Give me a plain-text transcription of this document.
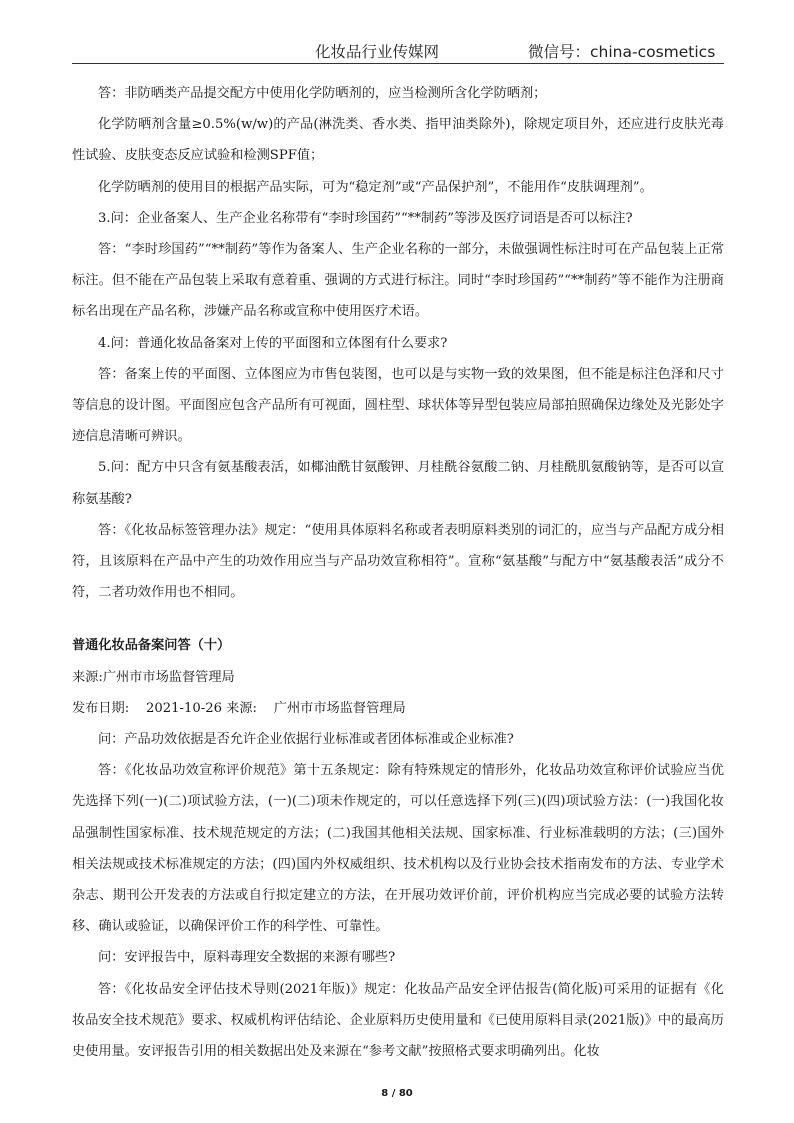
化妆品行业传媒网	微信号：china-cosmetics

答：非防晒类产品提交配方中使用化学防晒剂的，应当检测所含化学防晒剂；

化学防晒剂含量≥0.5%(w/w)的产品(淋洗类、香水类、指甲油类除外)，除规定项目外，还应进行皮肤光毒性试验、皮肤变态反应试验和检测SPF值；

化学防晒剂的使用目的根据产品实际，可为“稳定剂”或“产品保护剂”，不能用作“皮肤调理剂”。

3.问：企业备案人、生产企业名称带有“李时珍国药”“**制药”等涉及医疗词语是否可以标注?

答：“李时珍国药”“**制药”等作为备案人、生产企业名称的一部分，未做强调性标注时可在产品包装上正常标注。但不能在产品包装上采取有意着重、强调的方式进行标注。同时“李时珍国药”“**制药”等不能作为注册商标名出现在产品名称，涉嫌产品名称或宣称中使用医疗术语。

4.问：普通化妆品备案对上传的平面图和立体图有什么要求?

答：备案上传的平面图、立体图应为市售包装图，也可以是与实物一致的效果图，但不能是标注色泽和尺寸等信息的设计图。平面图应包含产品所有可视面，圆柱型、球状体等异型包装应局部拍照确保边缘处及光影处字迹信息清晰可辨识。

5.问：配方中只含有氨基酸表活，如椰油酰甘氨酸钾、月桂酰谷氨酸二钠、月桂酰肌氨酸钠等，是否可以宣称氨基酸?

答：《化妆品标签管理办法》规定：“使用具体原料名称或者表明原料类别的词汇的，应当与产品配方成分相符，且该原料在产品中产生的功效作用应当与产品功效宣称相符”。宣称“氨基酸”与配方中“氨基酸表活”成分不符，二者功效作用也不相同。

普通化妆品备案问答（十）

来源:广州市市场监督管理局

发布日期:    2021-10-26 来源:    广州市市场监督管理局

问：产品功效依据是否允许企业依据行业标准或者团体标准或企业标准?

答：《化妆品功效宣称评价规范》第十五条规定：除有特殊规定的情形外，化妆品功效宣称评价试验应当优先选择下列(一)(二)项试验方法，(一)(二)项未作规定的，可以任意选择下列(三)(四)项试验方法：(一)我国化妆品强制性国家标准、技术规范规定的方法；(二)我国其他相关法规、国家标准、行业标准载明的方法；(三)国外相关法规或技术标准规定的方法；(四)国内外权威组织、技术机构以及行业协会技术指南发布的方法、专业学术杂志、期刊公开发表的方法或自行拟定建立的方法，在开展功效评价前，评价机构应当完成必要的试验方法转移、确认或验证，以确保评价工作的科学性、可靠性。

问：安评报告中，原料毒理安全数据的来源有哪些?

答：《化妆品安全评估技术导则(2021年版)》规定：化妆品产品安全评估报告(简化版)可采用的证据有《化妆品安全技术规范》要求、权威机构评估结论、企业原料历史使用量和《已使用原料目录(2021版)》中的最高历史使用量。安评报告引用的相关数据出处及来源在“参考文献”按照格式要求明确列出。化妆

8 / 80
